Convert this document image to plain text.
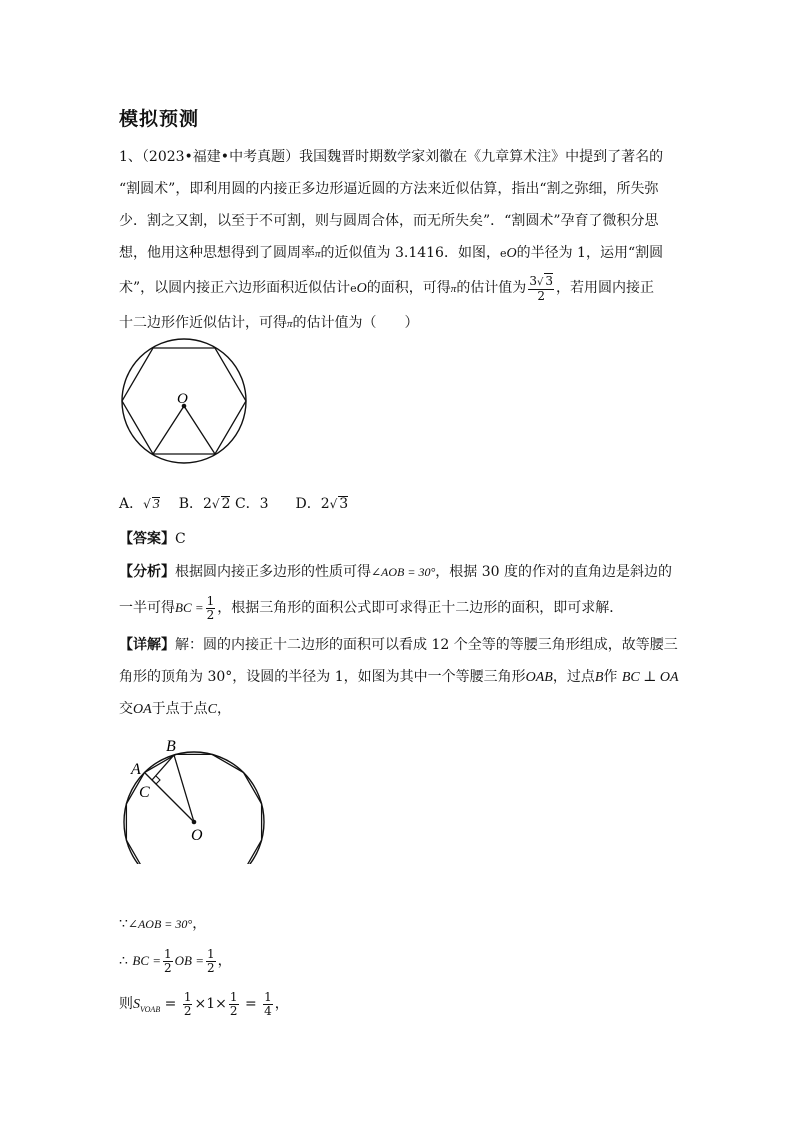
模拟预测
1、（2023•福建•中考真题）我国魏晋时期数学家刘徽在《九章算术注》中提到了著名的
“割圆术”，即利用圆的内接正多边形逼近圆的方法来近似估算，指出“割之弥细，所失弥
少．割之又割，以至于不可割，则与圆周合体，而无所失矣”．“割圆术”孕育了微积分思
想，他用这种思想得到了圆周率π的近似值为 3.1416．如图，eO的半径为 1，运用“割圆
术”，以圆内接正六边形面积近似估计eO的面积，可得π的估计值为 $\frac{3√ 3}{2}$ ，若用圆内接正
十二边形作近似估计，可得π的估计值为（　　）
O
A．√ 3 B．2√ 2 C．3 D．2√ 3
【答案】C
【分析】根据圆内接正多边形的性质可得∠AOB = 30°，根据 30 度的作对的直角边是斜边的
一半可得BC = $\frac{1}{2}$ ，根据三角形的面积公式即可求得正十二边形的面积，即可求解．
【详解】解：圆的内接正十二边形的面积可以看成 12 个全等的等腰三角形组成，故等腰三
角形的顶角为 30°，设圆的半径为 1，如图为其中一个等腰三角形OAB，过点B作 BC ⊥ OA
交OA于点于点C，
A
B
C
O
∵∠AOB = 30°，
∴ BC = $\frac{1}{2}$ OB = $\frac{1}{2}$ ，
则$S_{VOAB} = \frac{1}{2} \times 1\times \frac{1}{2} = \frac{1}{4}$ ，
